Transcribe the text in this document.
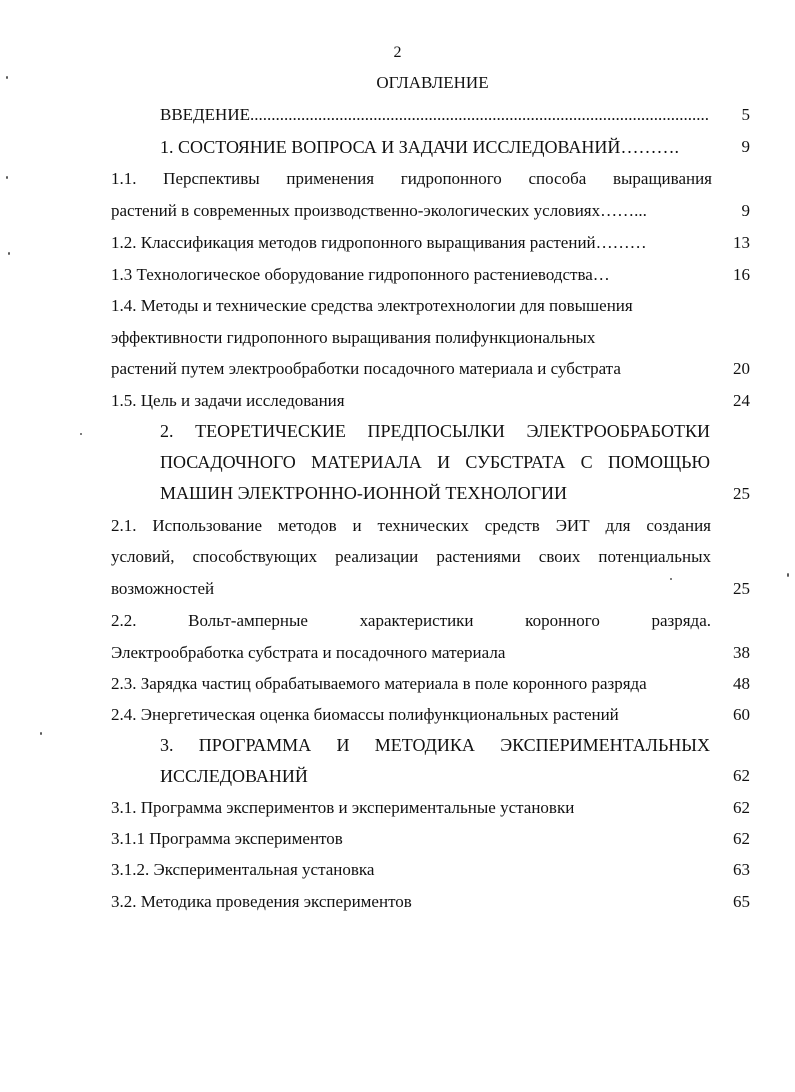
2
ОГЛАВЛЕНИЕ
ВВЕДЕНИЕ .....	5
1. СОСТОЯНИЕ ВОПРОСА И ЗАДАЧИ ИССЛЕДОВАНИЙ……….	9
1.1. Перспективы применения гидропонного способа выращивания
растений в современных производственно-экологических условиях……...	9
1.2. Классификация методов гидропонного выращивания растений………	13
1.3 Технологическое оборудование гидропонного растениеводства…	16
1.4. Методы и технические средства электротехнологии для повышения
эффективности гидропонного выращивания полифункциональных
растений путем электрообработки посадочного материала и субстрата	20
1.5. Цель и задачи исследования	24
2. ТЕОРЕТИЧЕСКИЕ ПРЕДПОСЫЛКИ ЭЛЕКТРООБРАБОТКИ
ПОСАДОЧНОГО МАТЕРИАЛА И СУБСТРАТА С ПОМОЩЬЮ
МАШИН ЭЛЕКТРОННО-ИОННОЙ ТЕХНОЛОГИИ	25
2.1. Использование методов и технических средств ЭИТ для создания
условий, способствующих реализации растениями своих потенциальных
возможностей	25
2.2. Вольт-амперные характеристики коронного разряда.
Электрообработка субстрата и посадочного материала	38
2.3. Зарядка частиц обрабатываемого материала в поле коронного разряда	48
2.4. Энергетическая оценка биомассы полифункциональных растений	60
3. ПРОГРАММА И МЕТОДИКА ЭКСПЕРИМЕНТАЛЬНЫХ
ИССЛЕДОВАНИЙ	62
3.1. Программа экспериментов и экспериментальные установки	62
3.1.1 Программа экспериментов	62
3.1.2. Экспериментальная установка	63
3.2. Методика проведения экспериментов	65
